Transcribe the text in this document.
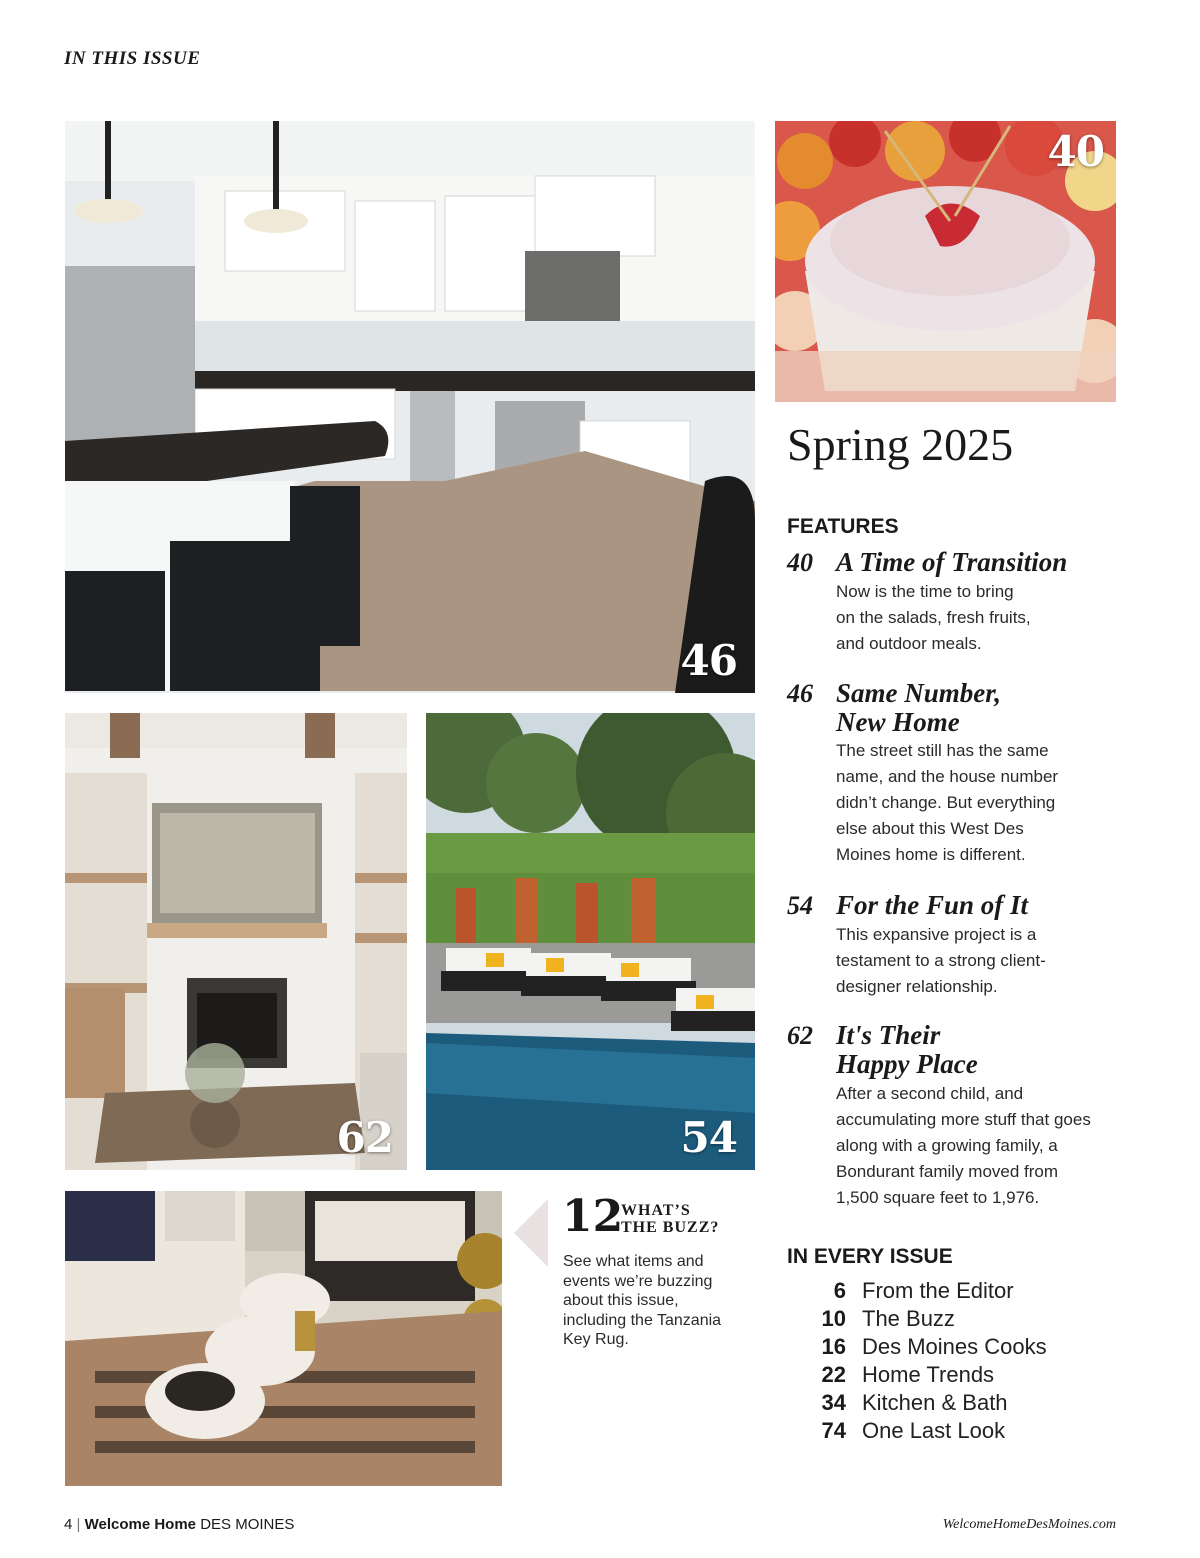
IN THIS ISSUE
46
40
62	54
12
WHAT’S
THE BUZZ?
See what items and
events we’re buzzing
about this issue,
including the Tanzania
Key Rug.
Spring 2025
FEATURES
40 A Time of Transition
Now is the time to bring
on the salads, fresh fruits,
and outdoor meals.
46 Same Number,
New Home
The street still has the same
name, and the house number
didn’t change. But everything
else about this West Des
Moines home is different.
54 For the Fun of It
This expansive project is a
testament to a strong client-
designer relationship.
62 It's Their
Happy Place
After a second child, and
accumulating more stuff that goes
along with a growing family, a
Bondurant family moved from
1,500 square feet to 1,976.
IN EVERY ISSUE
6 From the Editor
10 The Buzz
16 Des Moines Cooks
22 Home Trends
34 Kitchen & Bath
74 One Last Look
4 | Welcome Home DES MOINES	WelcomeHomeDesMoines.com
